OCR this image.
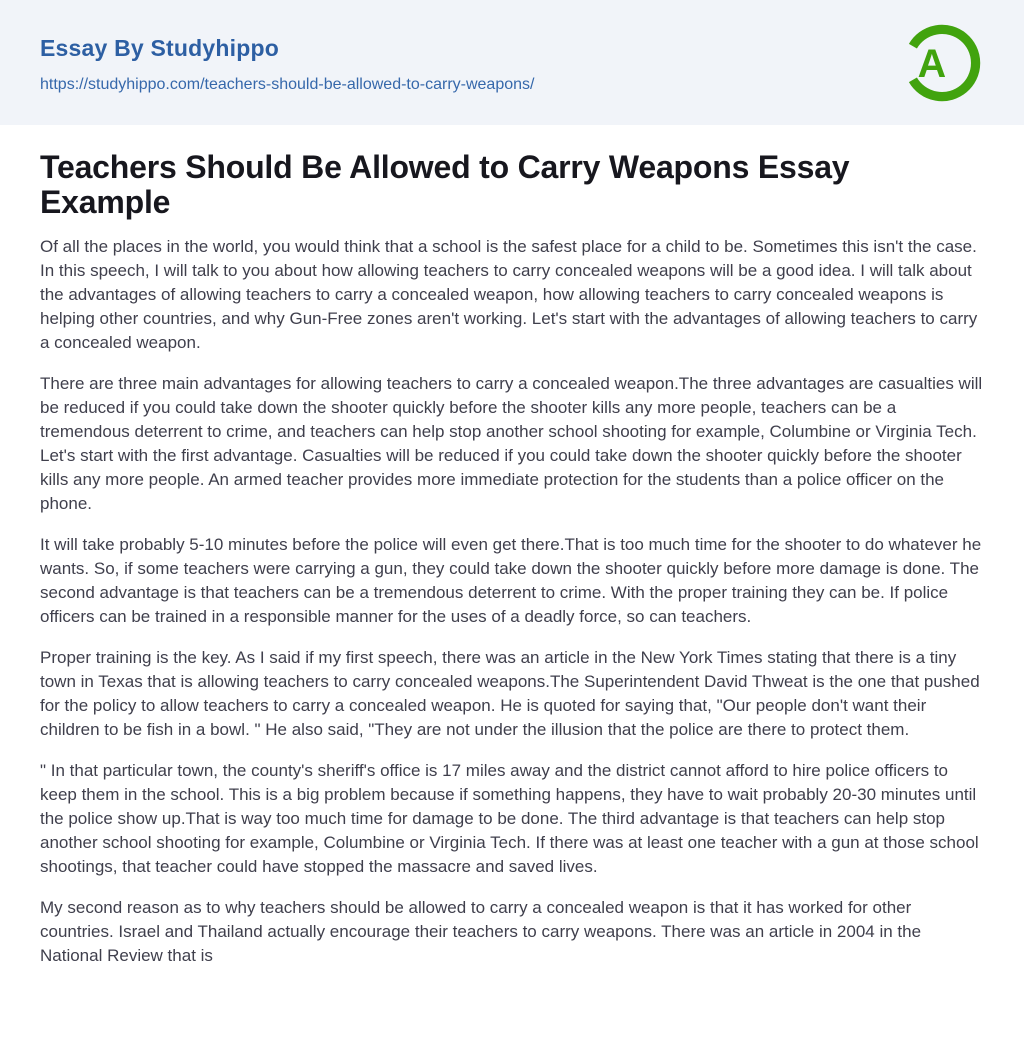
Essay By Studyhippo
https://studyhippo.com/teachers-should-be-allowed-to-carry-weapons/	A
Teachers Should Be Allowed to Carry Weapons Essay Example

Of all the places in the world, you would think that a school is the safest place for a child to be. Sometimes this isn't the case. In this speech, I will talk to you about how allowing teachers to carry concealed weapons will be a good idea. I will talk about the advantages of allowing teachers to carry a concealed weapon, how allowing teachers to carry concealed weapons is helping other countries, and why Gun-Free zones aren't working. Let's start with the advantages of allowing teachers to carry a concealed weapon.

There are three main advantages for allowing teachers to carry a concealed weapon.The three advantages are casualties will be reduced if you could take down the shooter quickly before the shooter kills any more people, teachers can be a tremendous deterrent to crime, and teachers can help stop another school shooting for example, Columbine or Virginia Tech. Let's start with the first advantage. Casualties will be reduced if you could take down the shooter quickly before the shooter kills any more people. An armed teacher provides more immediate protection for the students than a police officer on the phone.

It will take probably 5-10 minutes before the police will even get there.That is too much time for the shooter to do whatever he wants. So, if some teachers were carrying a gun, they could take down the shooter quickly before more damage is done. The second advantage is that teachers can be a tremendous deterrent to crime. With the proper training they can be. If police officers can be trained in a responsible manner for the uses of a deadly force, so can teachers.

Proper training is the key. As I said if my first speech, there was an article in the New York Times stating that there is a tiny town in Texas that is allowing teachers to carry concealed weapons.The Superintendent David Thweat is the one that pushed for the policy to allow teachers to carry a concealed weapon. He is quoted for saying that, "Our people don't want their children to be fish in a bowl. " He also said, "They are not under the illusion that the police are there to protect them.

" In that particular town, the county's sheriff's office is 17 miles away and the district cannot afford to hire police officers to keep them in the school. This is a big problem because if something happens, they have to wait probably 20-30 minutes until the police show up.That is way too much time for damage to be done. The third advantage is that teachers can help stop another school shooting for example, Columbine or Virginia Tech. If there was at least one teacher with a gun at those school shootings, that teacher could have stopped the massacre and saved lives.

My second reason as to why teachers should be allowed to carry a concealed weapon is that it has worked for other countries. Israel and Thailand actually encourage their teachers to carry weapons. There was an article in 2004 in the National Review that is
